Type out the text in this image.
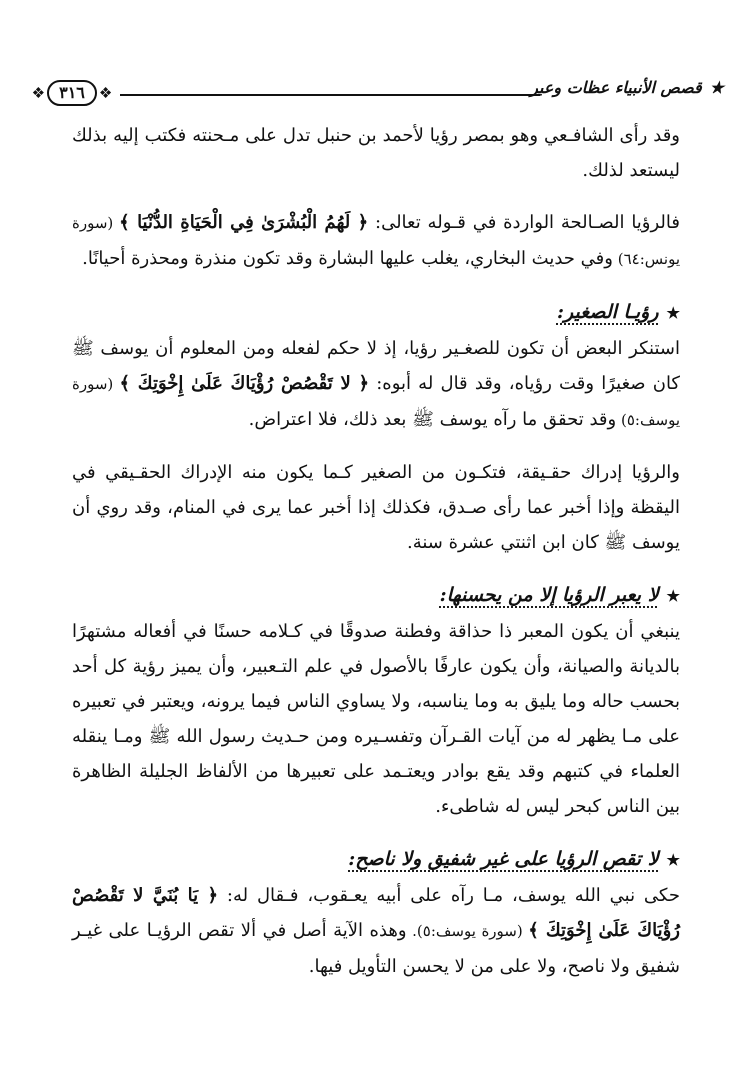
★قصص الأنبياء عظات وعبر
❖
٣١٦
❖

وقد رأى الشافـعي وهو بمصر رؤيا لأحمد بن حنبل تدل على مـحنته فكتب إليه بذلك ليستعد لذلك.

فالرؤيا الصـالحة الواردة في قـوله تعالى: ﴿ لَهُمُ الْبُشْرَىٰ فِي الْحَيَاةِ الدُّنْيَا ﴾ (سورة يونس:٦٤) وفي حديث البخاري، يغلب عليها البشارة وقد تكون منذرة ومحذرة أحيانًا.

★رؤيـا الصغير:

استنكر البعض أن تكون للصغـير رؤيا، إذ لا حكم لفعله ومن المعلوم أن يوسف ﷺ كان صغيرًا وقت رؤياه، وقد قال له أبوه: ﴿ لا تَقْصُصْ رُؤْيَاكَ عَلَىٰ إِخْوَتِكَ ﴾ (سورة يوسف:٥) وقد تحقق ما رآه يوسف ﷺ بعد ذلك، فلا اعتراض.

والرؤيا إدراك حقـيقة، فتكـون من الصغير كـما يكون منه الإدراك الحقـيقي في اليقظة وإذا أخبر عما رأى صـدق، فكذلك إذا أخبر عما يرى في المنام، وقد روي أن يوسف ﷺ كان ابن اثنتي عشرة سنة.

★لا يعبر الرؤيا إلا من يحسنها:

ينبغي أن يكون المعبر ذا حذاقة وفطنة صدوقًا في كـلامه حسنًا في أفعاله مشتهرًا بالديانة والصيانة، وأن يكون عارفًا بالأصول في علم التـعبير، وأن يميز رؤية كل أحد بحسب حاله وما يليق به وما يناسبه، ولا يساوي الناس فيما يرونه، ويعتبر في تعبيره على مـا يظهر له من آيات القـرآن وتفسـيره ومن حـديث رسول الله ﷺ ومـا ينقله العلماء في كتبهم وقد يقع بوادر ويعتـمد على تعبيرها من الألفاظ الجليلة الظاهرة بين الناس كبحر ليس له شاطىء.

★لا تقص الرؤيا على غير شفيق ولا ناصح:

حكى نبي الله يوسف، مـا رآه على أبيه يعـقوب، فـقال له: ﴿ يَا بُنَيَّ لا تَقْصُصْ رُؤْيَاكَ عَلَىٰ إِخْوَتِكَ ﴾ (سورة يوسف:٥). وهذه الآية أصل في ألا تقص الرؤيـا على غيـر شفيق ولا ناصح، ولا على من لا يحسن التأويل فيها.
